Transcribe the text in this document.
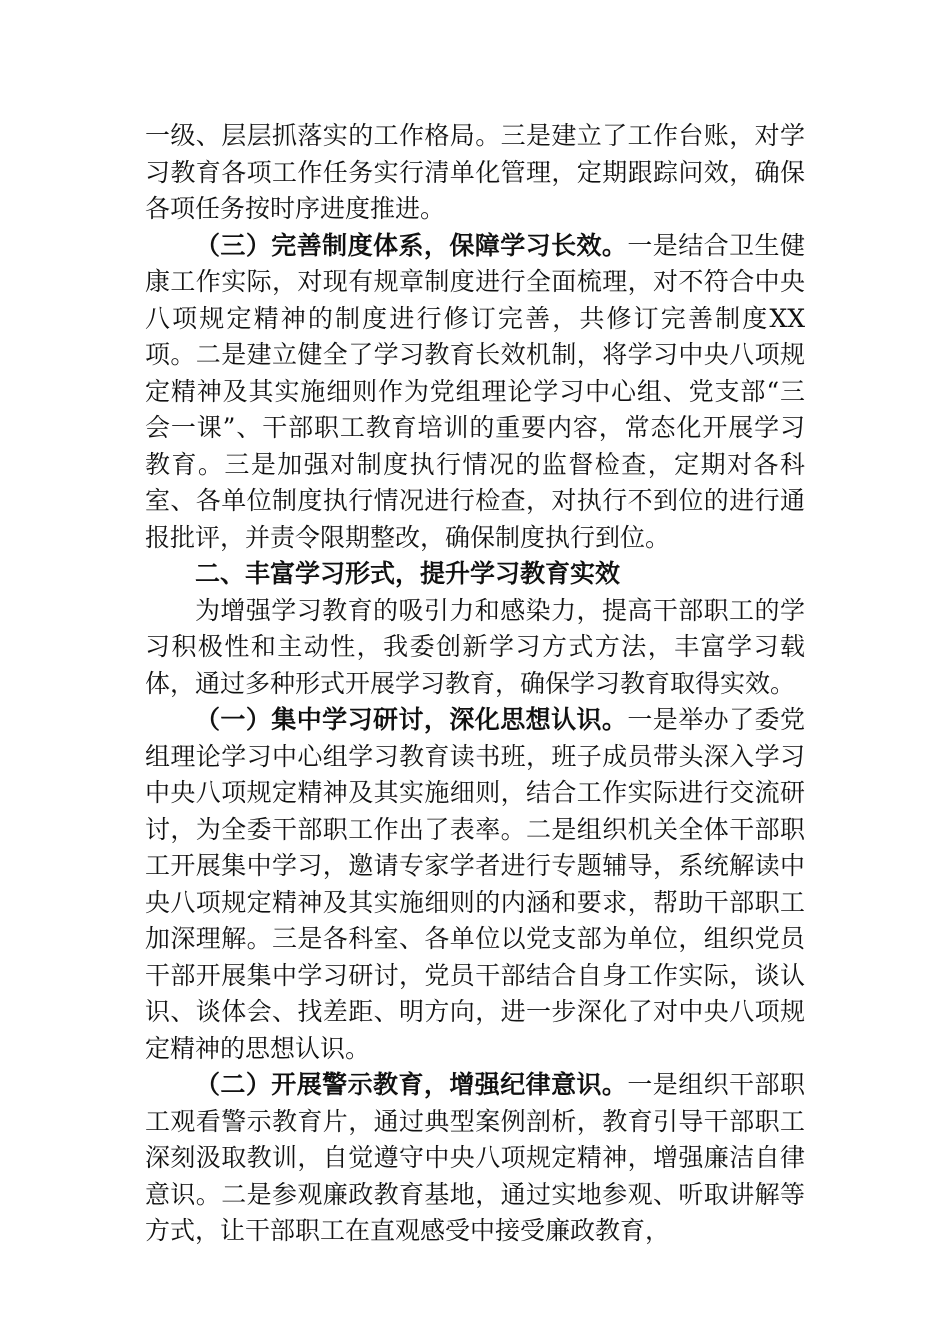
一级、层层抓落实的工作格局。三是建立了工作台账，对学习教育各项工作任务实行清单化管理，定期跟踪问效，确保各项任务按时序进度推进。

（三）完善制度体系，保障学习长效。一是结合卫生健康工作实际，对现有规章制度进行全面梳理，对不符合中央八项规定精神的制度进行修订完善，共修订完善制度XX项。二是建立健全了学习教育长效机制，将学习中央八项规定精神及其实施细则作为党组理论学习中心组、党支部“三会一课”、干部职工教育培训的重要内容，常态化开展学习教育。三是加强对制度执行情况的监督检查，定期对各科室、各单位制度执行情况进行检查，对执行不到位的进行通报批评，并责令限期整改，确保制度执行到位。

二、丰富学习形式，提升学习教育实效

为增强学习教育的吸引力和感染力，提高干部职工的学习积极性和主动性，我委创新学习方式方法，丰富学习载体，通过多种形式开展学习教育，确保学习教育取得实效。

（一）集中学习研讨，深化思想认识。一是举办了委党组理论学习中心组学习教育读书班，班子成员带头深入学习中央八项规定精神及其实施细则，结合工作实际进行交流研讨，为全委干部职工作出了表率。二是组织机关全体干部职工开展集中学习，邀请专家学者进行专题辅导，系统解读中央八项规定精神及其实施细则的内涵和要求，帮助干部职工加深理解。三是各科室、各单位以党支部为单位，组织党员干部开展集中学习研讨，党员干部结合自身工作实际，谈认识、谈体会、找差距、明方向，进一步深化了对中央八项规定精神的思想认识。

（二）开展警示教育，增强纪律意识。一是组织干部职工观看警示教育片，通过典型案例剖析，教育引导干部职工深刻汲取教训，自觉遵守中央八项规定精神，增强廉洁自律意识。二是参观廉政教育基地，通过实地参观、听取讲解等方式，让干部职工在直观感受中接受廉政教育，
